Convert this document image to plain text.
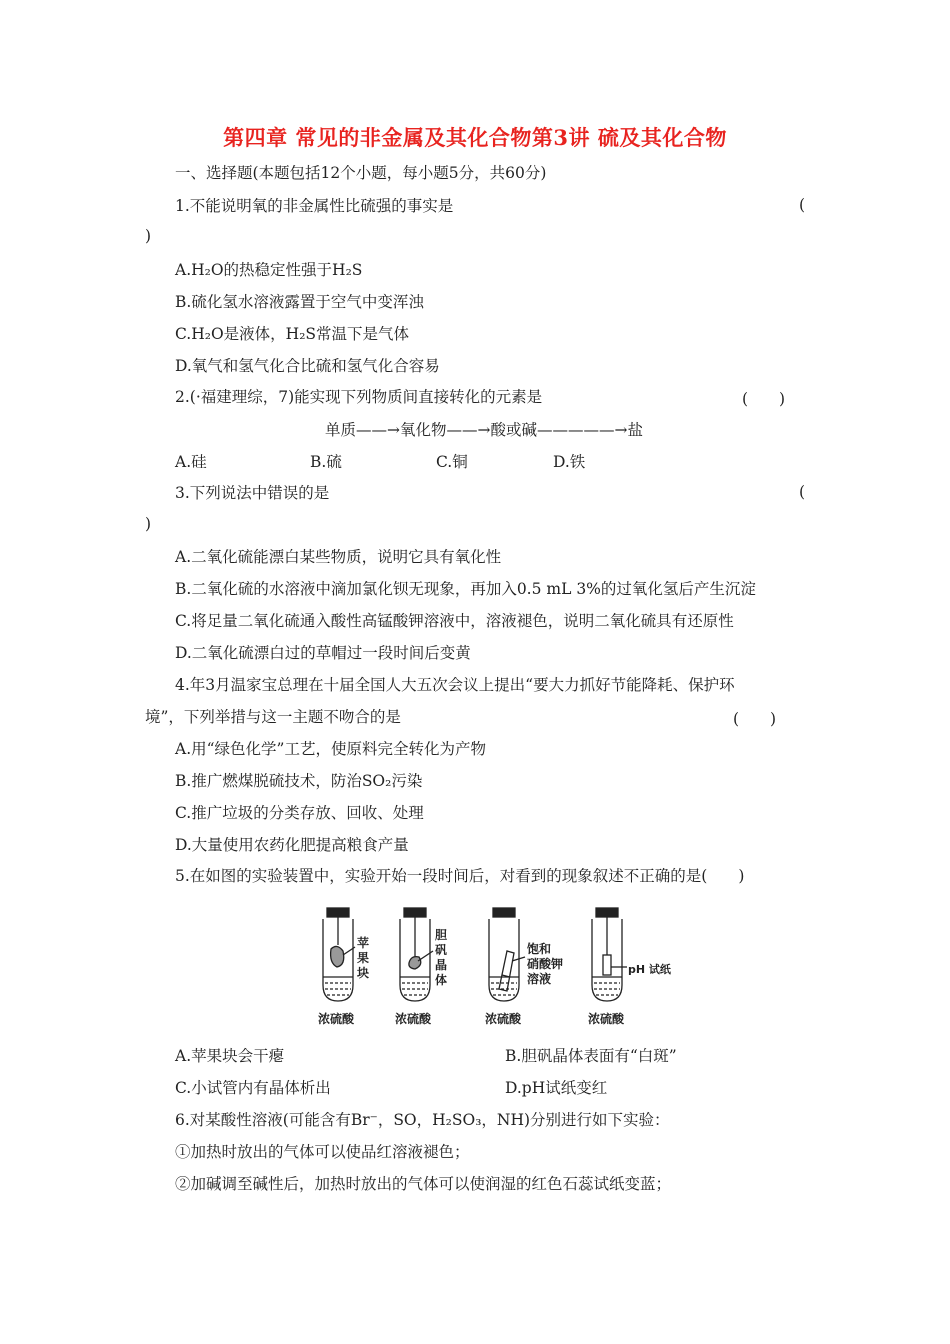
第四章 常见的非金属及其化合物第3讲 硫及其化合物
一、选择题(本题包括12个小题，每小题5分，共60分)
1.不能说明氧的非金属性比硫强的事实是	(
)
A.H₂O的热稳定性强于H₂S
B.硫化氢水溶液露置于空气中变浑浊
C.H₂O是液体，H₂S常温下是气体
D.氧气和氢气化合比硫和氢气化合容易
2.(·福建理综，7)能实现下列物质间直接转化的元素是	(　　)
单质——→氧化物——→酸或碱—————→盐
A.硅	B.硫	C.铜	D.铁
3.下列说法中错误的是	(
)
A.二氧化硫能漂白某些物质，说明它具有氧化性
B.二氧化硫的水溶液中滴加氯化钡无现象，再加入0.5 mL 3%的过氧化氢后产生沉淀
C.将足量二氧化硫通入酸性高锰酸钾溶液中，溶液褪色，说明二氧化硫具有还原性
D.二氧化硫漂白过的草帽过一段时间后变黄
4.年3月温家宝总理在十届全国人大五次会议上提出“要大力抓好节能降耗、保护环
境”，下列举措与这一主题不吻合的是	(　　)
A.用“绿色化学”工艺，使原料完全转化为产物
B.推广燃煤脱硫技术，防治SO₂污染
C.推广垃圾的分类存放、回收、处理
D.大量使用农药化肥提高粮食产量
5.在如图的实验装置中，实验开始一段时间后，对看到的现象叙述不正确的是(　　)
苹
果
块
胆
矾
晶
体
饱和
硝酸钾
溶液
pH 试纸
浓硫酸	浓硫酸	浓硫酸	浓硫酸
A.苹果块会干瘪	B.胆矾晶体表面有“白斑”
C.小试管内有晶体析出	D.pH试纸变红
6.对某酸性溶液(可能含有Br⁻，SO，H₂SO₃，NH)分别进行如下实验：
①加热时放出的气体可以使品红溶液褪色；
②加碱调至碱性后，加热时放出的气体可以使润湿的红色石蕊试纸变蓝；
